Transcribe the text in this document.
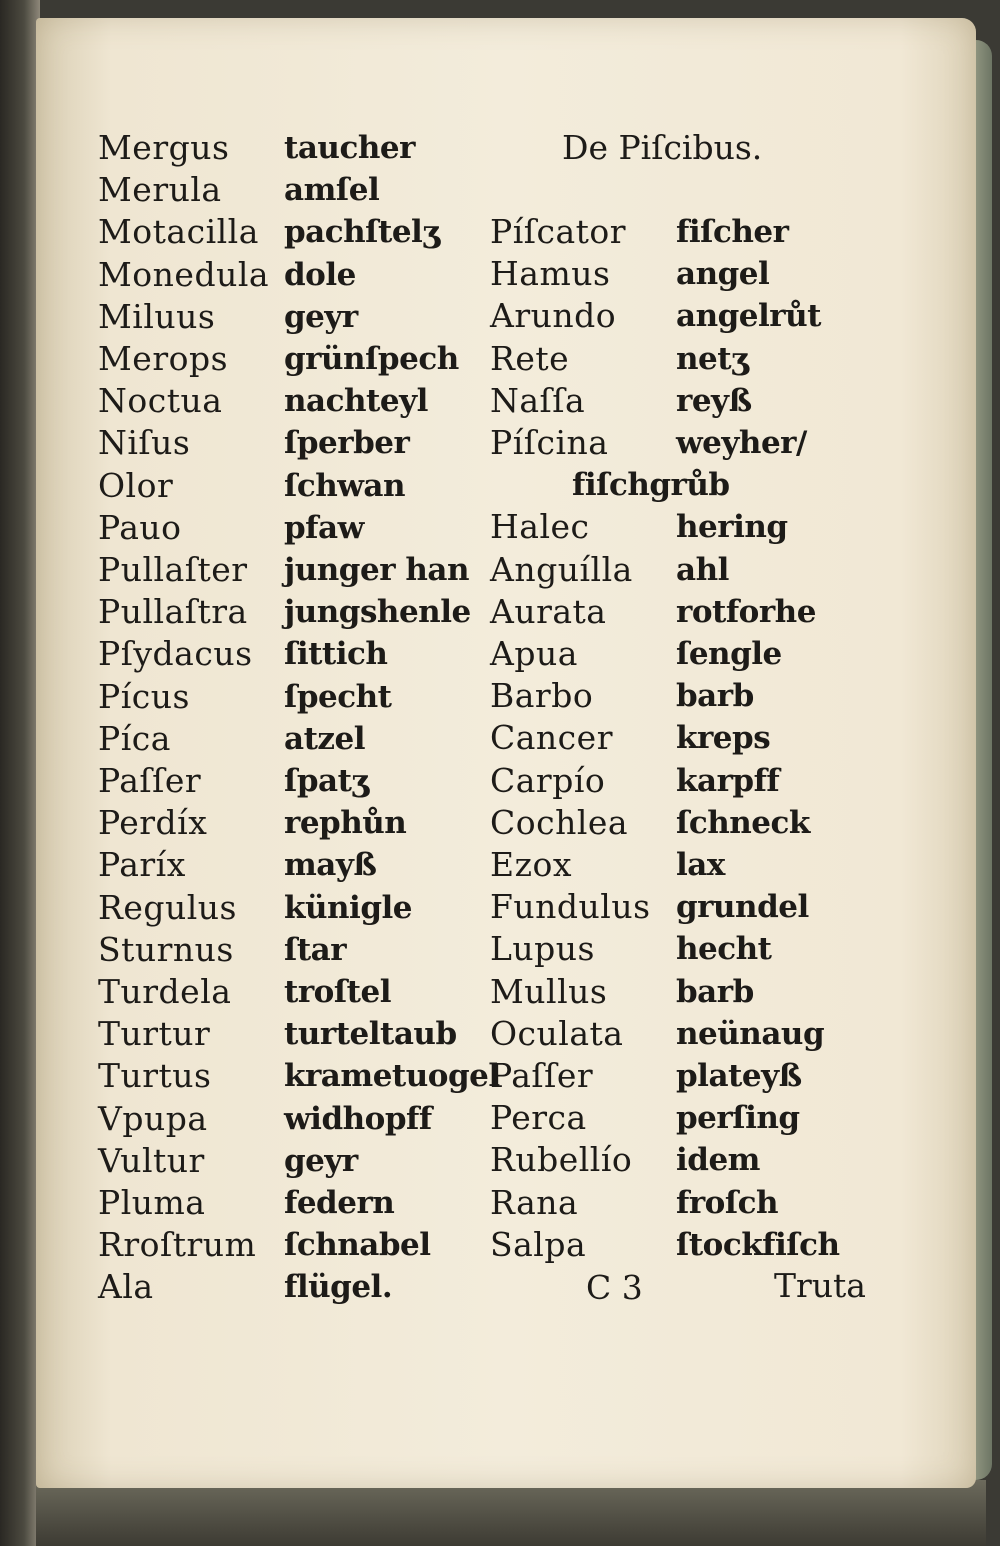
De Piſcibus.
Mergus taucher
Merula amſel
Motacilla pachſtelʒ
Monedula dole
Miluus geyr
Merops grünſpech
Noctua nachteyl
Niſus	ſperber
Olor	ſchwan
Pauo	pfaw
Pullaſter junger han
Pullaſtra jungshenle
Pſydacus ſittich
Pícus	ſpecht
Píca	atzel
Paſſer	ſpatʒ
Perdíx rephůn
Paríx	mayß
Regulus künigle
Sturnus ſtar
Turdela troſtel
Turtur turteltaub
Turtus krametuogel
Vpupa widhopff
Vultur	geyr
Pluma	federn
Rroſtrum ſchnabel
Ala	flügel.
Píſcator fiſcher
Hamus angel
Arundo angelrůt
Rete	netʒ
Naſſa	reyß
Píſcina weyher/
fiſchgrůb
Halec	hering
Anguílla ahl
Aurata rotforhe
Apua	ſengle
Barbo	barb
Cancer kreps
Carpío karpff
Cochlea ſchneck
Ezox	lax
Fundulus grundel
Lupus	hecht
Mullus barb
Oculata neünaug
Paſſer	plateyß
Perca	perſing
Rubellío idem
Rana	froſch
Salpa	ſtockfiſch
C 3	Truta
